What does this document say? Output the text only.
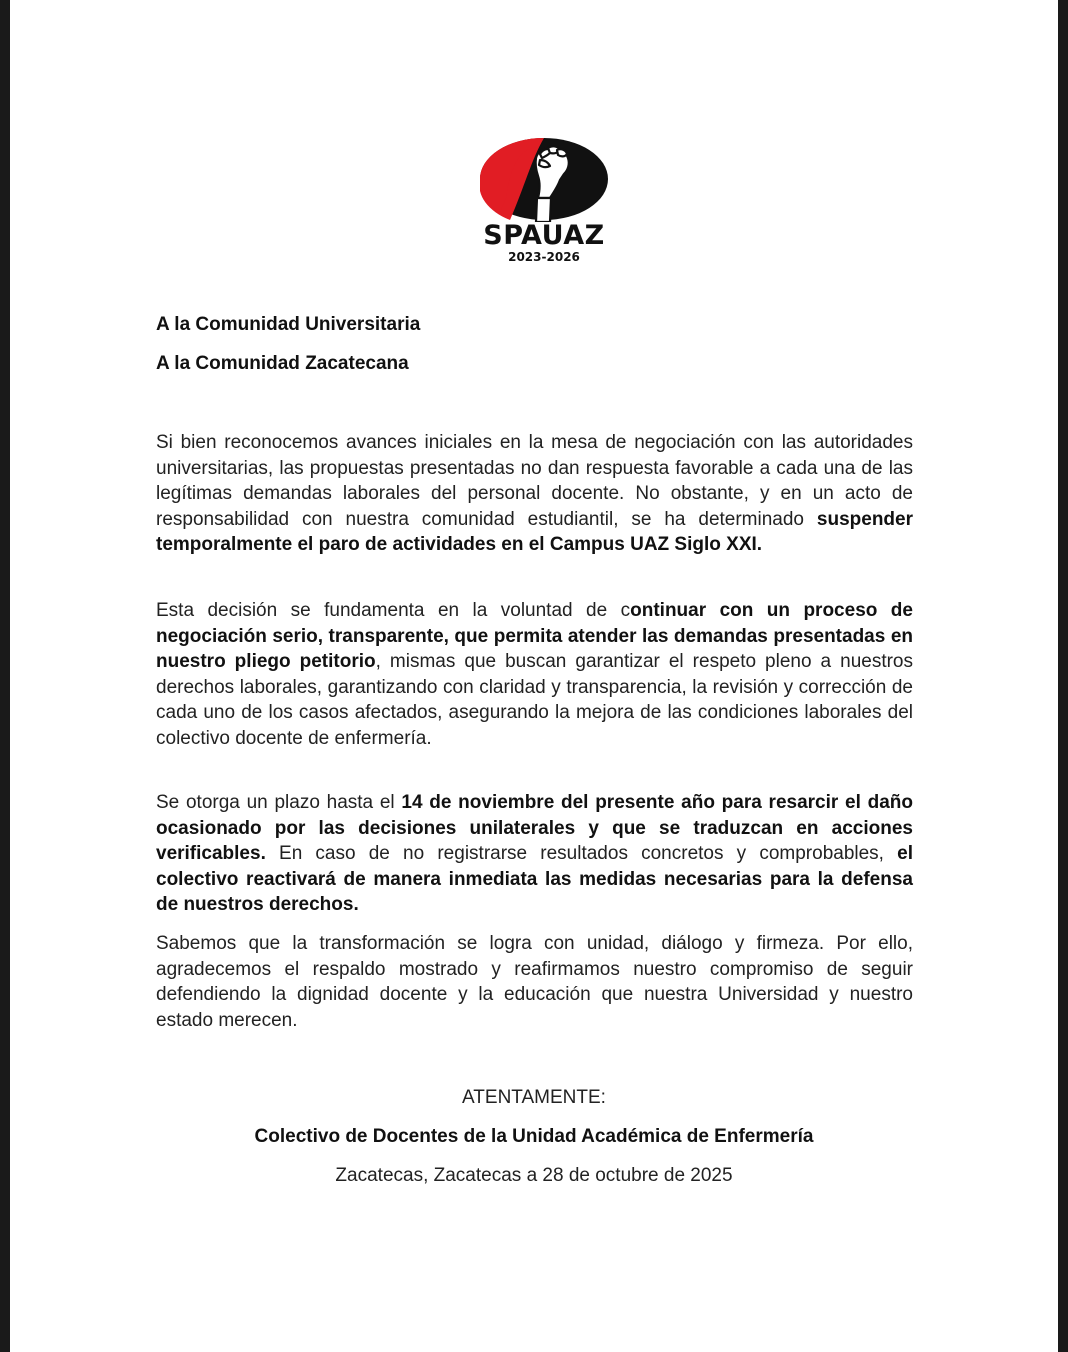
SPAUAZ
2023-2026
A la Comunidad Universitaria
A la Comunidad Zacatecana
Si bien reconocemos avances iniciales en la mesa de negociación con las autoridades universitarias, las propuestas presentadas no dan respuesta favorable a cada una de las legítimas demandas laborales del personal docente. No obstante, y en un acto de responsabilidad con nuestra comunidad estudiantil, se ha determinado suspender temporalmente el paro de actividades en el Campus UAZ Siglo XXI.
Esta decisión se fundamenta en la voluntad de continuar con un proceso de negociación serio, transparente, que permita atender las demandas presentadas en nuestro pliego petitorio, mismas que buscan garantizar el respeto pleno a nuestros derechos laborales, garantizando con claridad y transparencia, la revisión y corrección de cada uno de los casos afectados, asegurando la mejora de las condiciones laborales del colectivo docente de enfermería.
Se otorga un plazo hasta el 14 de noviembre del presente año para resarcir el daño ocasionado por las decisiones unilaterales y que se traduzcan en acciones verificables. En caso de no registrarse resultados concretos y comprobables, el colectivo reactivará de manera inmediata las medidas necesarias para la defensa de nuestros derechos.
Sabemos que la transformación se logra con unidad, diálogo y firmeza. Por ello, agradecemos el respaldo mostrado y reafirmamos nuestro compromiso de seguir defendiendo la dignidad docente y la educación que nuestra Universidad y nuestro estado merecen.
ATENTAMENTE:
Colectivo de Docentes de la Unidad Académica de Enfermería
Zacatecas, Zacatecas a 28 de octubre de 2025
